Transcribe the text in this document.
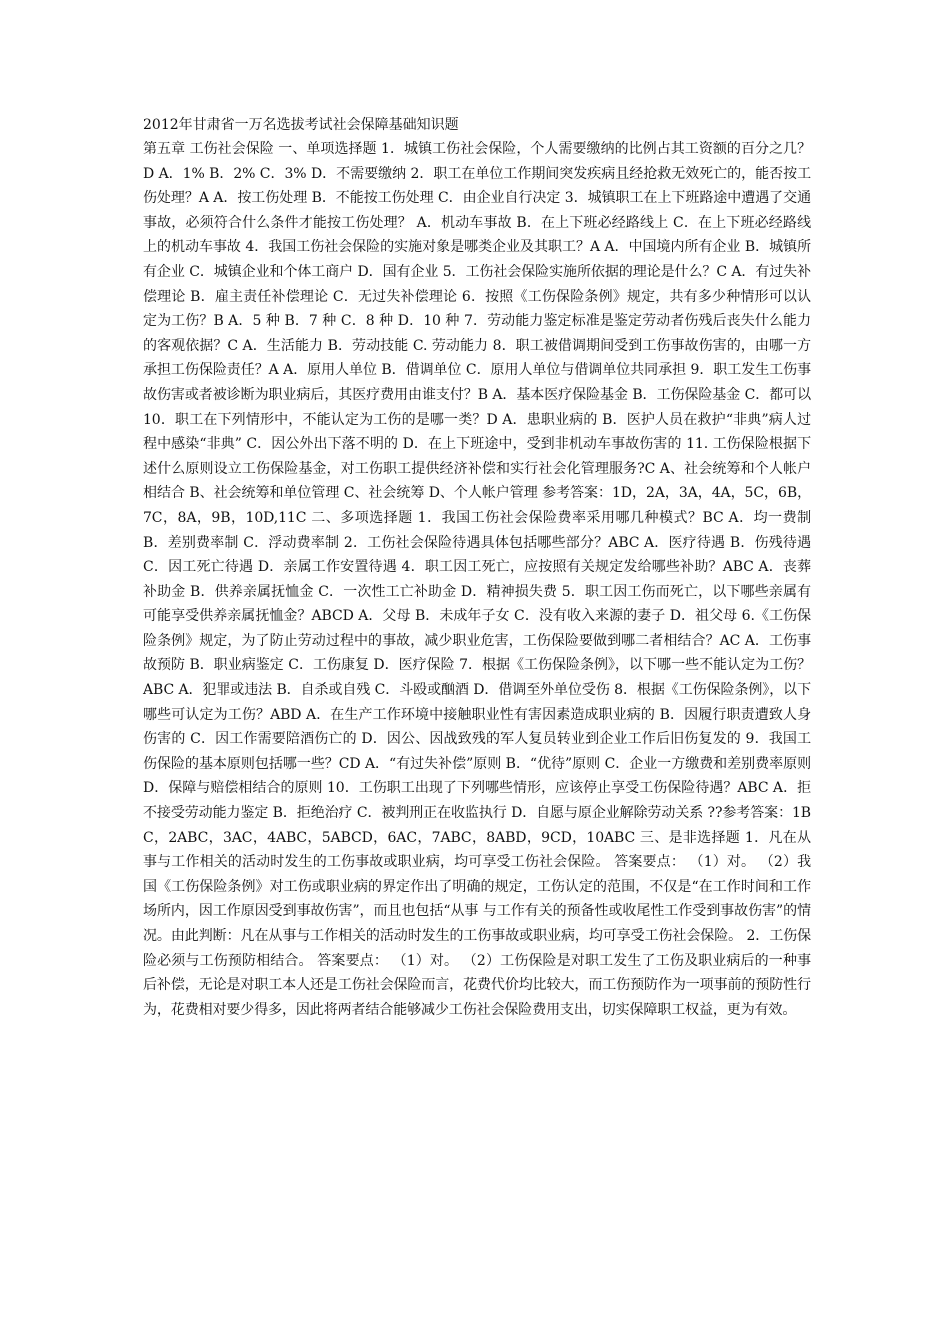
2012年甘肃省一万名选拔考试社会保障基础知识题

第五章 工伤社会保险 一、单项选择题 1．城镇工伤社会保险，个人需要缴纳的比例占其工资额的百分之几？D A．1% B．2% C．3% D．不需要缴纳 2．职工在单位工作期间突发疾病且经抢救无效死亡的，能否按工伤处理？A A．按工伤处理 B．不能按工伤处理 C．由企业自行决定 3．城镇职工在上下班路途中遭遇了交通事故，必须符合什么条件才能按工伤处理？ A．机动车事故 B．在上下班必经路线上 C．在上下班必经路线上的机动车事故 4．我国工伤社会保险的实施对象是哪类企业及其职工？A A．中国境内所有企业 B．城镇所有企业 C．城镇企业和个体工商户 D．国有企业 5．工伤社会保险实施所依据的理论是什么？C A．有过失补偿理论 B．雇主责任补偿理论 C．无过失补偿理论 6．按照《工伤保险条例》规定，共有多少种情形可以认定为工伤？B A．5 种 B．7 种 C．8 种 D．10 种 7．劳动能力鉴定标准是鉴定劳动者伤残后丧失什么能力的客观依据？C A．生活能力 B．劳动技能 C. 劳动能力 8．职工被借调期间受到工伤事故伤害的，由哪一方承担工伤保险责任？A A．原用人单位 B．借调单位 C．原用人单位与借调单位共同承担 9．职工发生工伤事故伤害或者被诊断为职业病后，其医疗费用由谁支付？B A．基本医疗保险基金 B．工伤保险基金 C．都可以 10．职工在下列情形中，不能认定为工伤的是哪一类？D A．患职业病的 B．医护人员在救护“非典”病人过程中感染“非典” C．因公外出下落不明的 D．在上下班途中，受到非机动车事故伤害的 11. 工伤保险根据下述什么原则设立工伤保险基金，对工伤职工提供经济补偿和实行社会化管理服务?C A、社会统筹和个人帐户相结合 B、社会统筹和单位管理 C、社会统筹 D、个人帐户管理 参考答案：1D，2A，3A，4A，5C，6B，7C，8A，9B，10D,11C 二、多项选择题 1．我国工伤社会保险费率采用哪几种模式？BC A．均一费制 B．差别费率制 C．浮动费率制 2．工伤社会保险待遇具体包括哪些部分？ABC A．医疗待遇 B．伤残待遇 C．因工死亡待遇 D．亲属工作安置待遇 4．职工因工死亡，应按照有关规定发给哪些补助？ABC A．丧葬补助金 B．供养亲属抚恤金 C．一次性工亡补助金 D．精神损失费 5．职工因工伤而死亡，以下哪些亲属有可能享受供养亲属抚恤金？ABCD A．父母 B．未成年子女 C．没有收入来源的妻子 D．祖父母 6.《工伤保险条例》规定，为了防止劳动过程中的事故，减少职业危害，工伤保险要做到哪二者相结合？AC A．工伤事故预防 B．职业病鉴定 C．工伤康复 D．医疗保险 7．根据《工伤保险条例》，以下哪一些不能认定为工伤？ ABC A．犯罪或违法 B．自杀或自残 C．斗殴或酗酒 D．借调至外单位受伤 8．根据《工伤保险条例》，以下哪些可认定为工伤？ABD A．在生产工作环境中接触职业性有害因素造成职业病的 B．因履行职责遭致人身伤害的 C．因工作需要陪酒伤亡的 D．因公、因战致残的军人复员转业到企业工作后旧伤复发的 9．我国工伤保险的基本原则包括哪一些？CD A．“有过失补偿”原则 B．“优待”原则 C．企业一方缴费和差别费率原则 D．保障与赔偿相结合的原则 10．工伤职工出现了下列哪些情形，应该停止享受工伤保险待遇？ABC A．拒不接受劳动能力鉴定 B．拒绝治疗 C．被判刑正在收监执行 D．自愿与原企业解除劳动关系 ??参考答案：1BC，2ABC，3AC，4ABC，5ABCD，6AC，7ABC，8ABD，9CD，10ABC 三、是非选择题 1．凡在从事与工作相关的活动时发生的工伤事故或职业病，均可享受工伤社会保险。 答案要点： （1）对。 （2）我国《工伤保险条例》对工伤或职业病的界定作出了明确的规定，工伤认定的范围，不仅是“在工作时间和工作场所内，因工作原因受到事故伤害”，而且也包括“从事 与工作有关的预备性或收尾性工作受到事故伤害”的情况。由此判断：凡在从事与工作相关的活动时发生的工伤事故或职业病，均可享受工伤社会保险。 2．工伤保险必须与工伤预防相结合。 答案要点： （1）对。 （2）工伤保险是对职工发生了工伤及职业病后的一种事后补偿，无论是对职工本人还是工伤社会保险而言，花费代价均比较大，而工伤预防作为一项事前的预防性行为，花费相对要少得多，因此将两者结合能够减少工伤社会保险费用支出，切实保障职工权益，更为有效。
